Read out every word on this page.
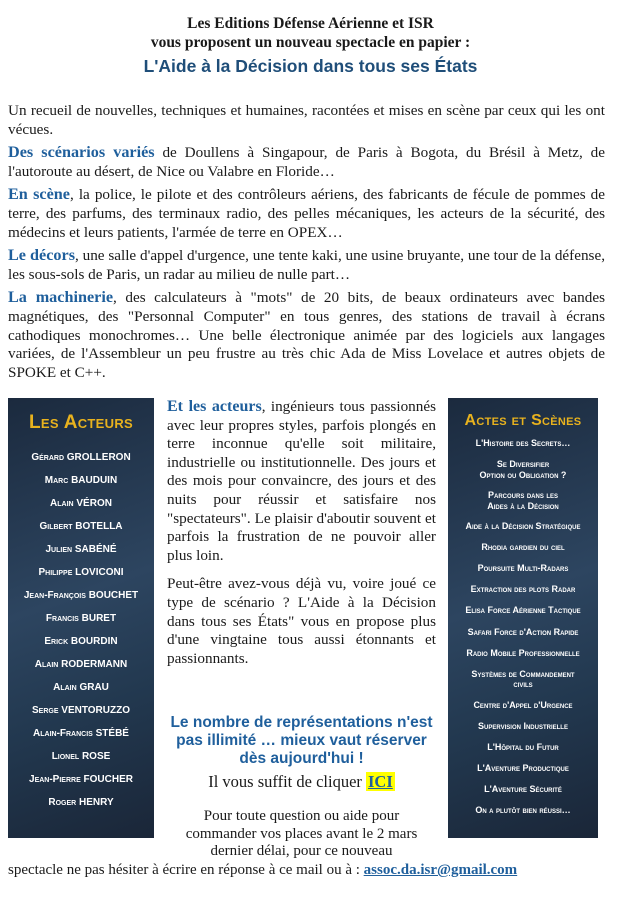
Les Editions Défense Aérienne et ISR
vous proposent un nouveau spectacle en papier :
L'Aide à la Décision dans tous ses États

Un recueil de nouvelles, techniques et humaines, racontées et mises en scène par ceux qui les ont vécues.

Des scénarios variés de Doullens à Singapour, de Paris à Bogota, du Brésil à Metz, de l'autoroute au désert, de Nice ou Valabre en Floride…

En scène, la police, le pilote et des contrôleurs aériens, des fabricants de fécule de pommes de terre, des parfums, des terminaux radio, des pelles mécaniques, les acteurs de la sécurité, des médecins et leurs patients, l'armée de terre en OPEX…

Le décors, une salle d'appel d'urgence, une tente kaki, une usine bruyante, une tour de la défense, les sous-sols de Paris, un radar au milieu de nulle part…

La machinerie, des calculateurs à "mots" de 20 bits, de beaux ordinateurs avec bandes magnétiques, des "Personnal Computer" en tous genres, des stations de travail à écrans cathodiques monochromes… Une belle électronique animée par des logiciels aux langages variées, de l'Assembleur un peu frustre au très chic Ada de Miss Lovelace et autres objets de SPOKE et C++.

Les Acteurs
Gérard GROLLERON
Marc BAUDUIN
Alain VÉRON
Gilbert BOTELLA
Julien SABÉNÉ
Philippe LOVICONI
Jean-François BOUCHET
Francis BURET
Erick BOURDIN
Alain RODERMANN
Alain GRAU
Serge VENTORUZZO
Alain-Francis STÉBÉ
Lionel ROSE
Jean-Pierre FOUCHER
Roger HENRY

Et les acteurs, ingénieurs tous passionnés avec leur propres styles, parfois plongés en terre inconnue qu'elle soit militaire, industrielle ou institutionnelle. Des jours et des mois pour convaincre, des jours et des nuits pour réussir et satisfaire nos "spectateurs". Le plaisir d'aboutir souvent et parfois la frustration de ne pouvoir aller plus loin.

Peut-être avez-vous déjà vu, voire joué ce type de scénario ? L'Aide à la Décision dans tous ses États" vous en propose plus d'une vingtaine tous aussi étonnants et passionnants.

Le nombre de représentations n'est pas illimité … mieux vaut réserver dès aujourd'hui !
Il vous suffit de cliquer ICI
Pour toute question ou aide pour commander vos places avant le 2 mars dernier délai, pour ce nouveau
Actes et Scènes
L'Histoire des Secrets…
Se Diversifier
Option ou Obligation ?
Parcours dans les
Aides à la Décision
Aide à la Décision Stratégique
Rhodia gardien du ciel
Poursuite Multi-Radars
Extraction des plots Radar
Elisa Force Aérienne Tactique
Safari Force d'Action Rapide
Radio Mobile Professionnelle
Systèmes de Commandement
civils
Centre d'Appel d'Urgence
Supervision Industrielle
L'Hôpital du Futur
L'Aventure Productique
L'Aventure Sécurité
On a plutôt bien réussi…
spectacle ne pas hésiter à écrire en réponse à ce mail ou à : assoc.da.isr@gmail.com
